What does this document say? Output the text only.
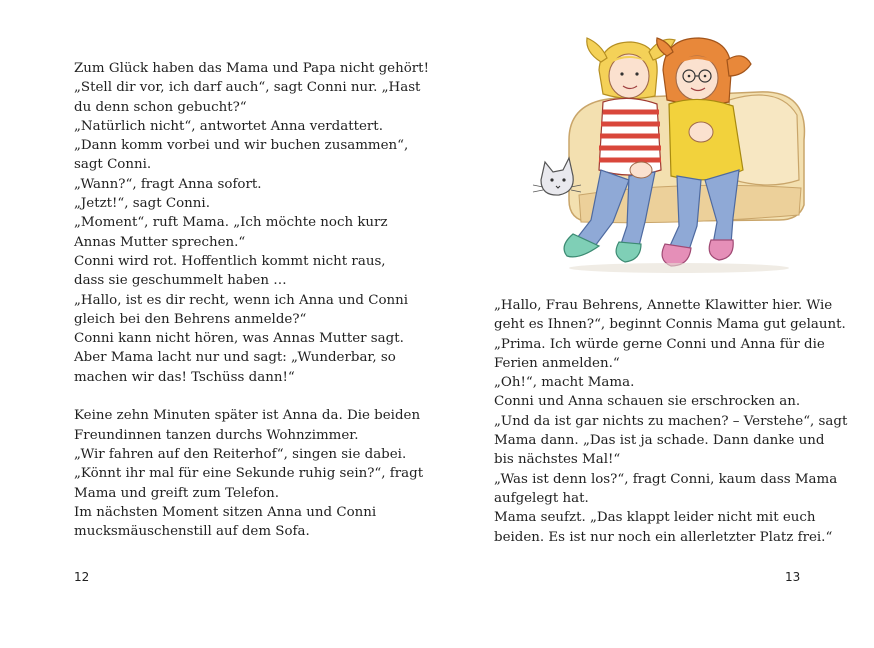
Zum Glück haben das Mama und Papa nicht gehört!
„Stell dir vor, ich darf auch“, sagt Conni nur. „Hast
du denn schon gebucht?“
„Natürlich nicht“, antwortet Anna verdattert.
„Dann komm vorbei und wir buchen zusammen“,
sagt Conni.
„Wann?“, fragt Anna sofort.
„Jetzt!“, sagt Conni.
„Moment“, ruft Mama. „Ich möchte noch kurz
Annas Mutter sprechen.“
Conni wird rot. Hoffentlich kommt nicht raus,
dass sie geschummelt haben …
„Hallo, ist es dir recht, wenn ich Anna und Conni
gleich bei den Behrens anmelde?“
Conni kann nicht hören, was Annas Mutter sagt.
Aber Mama lacht nur und sagt: „Wunderbar, so
machen wir das! Tschüss dann!“
Keine zehn Minuten später ist Anna da. Die beiden
Freundinnen tanzen durchs Wohnzimmer.
„Wir fahren auf den Reiterhof“, singen sie dabei.
„Könnt ihr mal für eine Sekunde ruhig sein?“, fragt
Mama und greift zum Telefon.
Im nächsten Moment sitzen Anna und Conni
mucksmäuschenstill auf dem Sofa.
12
„Hallo, Frau Behrens, Annette Klawitter hier. Wie
geht es Ihnen?“, beginnt Connis Mama gut gelaunt.
„Prima. Ich würde gerne Conni und Anna für die
Ferien anmelden.“
„Oh!“, macht Mama.
Conni und Anna schauen sie erschrocken an.
„Und da ist gar nichts zu machen? – Verstehe“, sagt
Mama dann. „Das ist ja schade. Dann danke und
bis nächstes Mal!“
„Was ist denn los?“, fragt Conni, kaum dass Mama
aufgelegt hat.
Mama seufzt. „Das klappt leider nicht mit euch
beiden. Es ist nur noch ein allerletzter Platz frei.“
13
